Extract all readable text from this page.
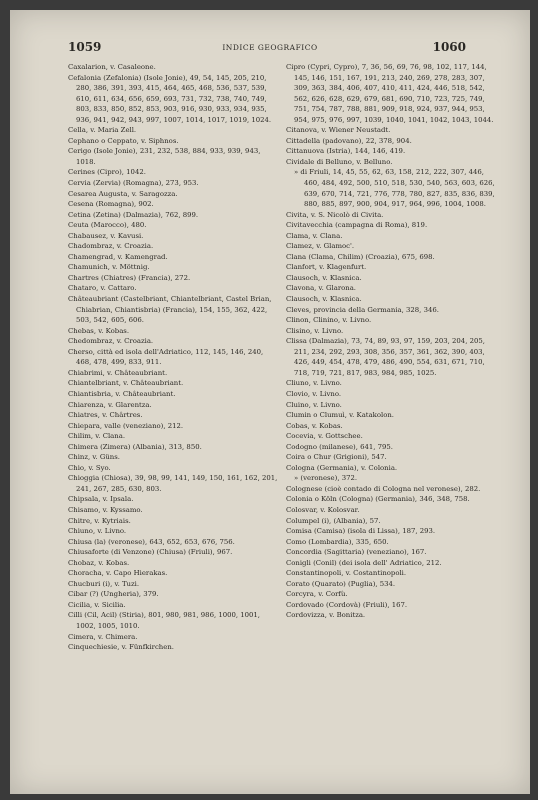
1059	INDICE GEOGRAFICO	1060
Caxalarion, v. Casaleone.
Cefalonia (Zefalonia) (Isole Jonie), 49, 54, 145, 205, 210, 280, 386, 391, 393, 415, 464, 465, 468, 536, 537, 539, 610, 611, 634, 656, 659, 693, 731, 732, 738, 740, 749, 803, 833, 850, 852, 853, 903, 916, 930, 933, 934, 935, 936, 941, 942, 943, 997, 1007, 1014, 1017, 1019, 1024.
Cella, v. Maria Zell.
Cephano o Ceppato, v. Siphnos.
Cerigo (Isole Jonie), 231, 232, 538, 884, 933, 939, 943, 1018.
Cerines (Cipro), 1042.
Cervia (Zervia) (Romagna), 273, 953.
Cesarea Augusta, v. Saragozza.
Cesena (Romagna), 902.
Cetina (Zetina) (Dalmazia), 762, 899.
Ceuta (Marocco), 480.
Chabausez, v. Kavusi.
Chadombraz, v. Croazia.
Chamengrad, v. Kamengrad.
Chamunich, v. Möttnig.
Chartres (Chiatres) (Francia), 272.
Chataro, v. Cattaro.
Châteaubriant (Castelbriant, Chiantelbriant, Castel Brian, Chiabrian, Chiantisbria) (Francia), 154, 155, 362, 422, 503, 542, 605, 606.
Chebas, v. Kobas.
Chedombraz, v. Croazia.
Cherso, città ed isola dell'Adriatico, 112, 145, 146, 240, 468, 478, 499, 833, 911.
Chiabrimi, v. Châteaubriant.
Chiantelbriant, v. Châteaubriant.
Chiantisbria, v. Châteaubriant.
Chiarenza, v. Glarentza.
Chiatres, v. Chârtres.
Chiepara, valle (veneziano), 212.
Chilim, v. Clana.
Chimera (Zimera) (Albania), 313, 850.
Chinz, v. Güns.
Chio, v. Syo.
Chioggia (Chiosa), 39, 98, 99, 141, 149, 150, 161, 162, 201, 241, 267, 285, 630, 803.
Chipsala, v. Ipsala.
Chisamo, v. Kyssamo.
Chitre, v. Kytriais.
Chiuno, v. Livno.
Chiusa (la) (veronese), 643, 652, 653, 676, 756.
Chiusaforte (di Venzone) (Chiusa) (Friuli), 967.
Chobaz, v. Kobas.
Choracha, v. Capo Hierakas.
Chucburi (i), v. Tuzi.
Cibar (?) (Ungheria), 379.
Cicilia, v. Sicilia.
Cilli (Cil, Acil) (Stiria), 801, 980, 981, 986, 1000, 1001, 1002, 1005, 1010.
Cimera, v. Chimera.
Cinquechiesie, v. Fünfkirchen.
Cipro (Cypri, Cypro), 7, 36, 56, 69, 76, 98, 102, 117, 144, 145, 146, 151, 167, 191, 213, 240, 269, 278, 283, 307, 309, 363, 384, 406, 407, 410, 411, 424, 446, 518, 542, 562, 626, 628, 629, 679, 681, 690, 710, 723, 725, 749, 751, 754, 787, 788, 881, 909, 918, 924, 937, 944, 953, 954, 975, 976, 997, 1039, 1040, 1041, 1042, 1043, 1044.
Citanova, v. Wiener Neustadt.
Cittadella (padovano), 22, 378, 904.
Cittanuova (Istria), 144, 146, 419.
Cividale di Belluno, v. Belluno.
» di Friuli, 14, 45, 55, 62, 63, 158, 212, 222, 307, 446, 460, 484, 492, 500, 510, 518, 530, 540, 563, 603, 626, 639, 670, 714, 721, 776, 778, 780, 827, 835, 836, 839, 880, 885, 897, 900, 904, 917, 964, 996, 1004, 1008.
Civita, v. S. Nicolò di Civita.
Civitavecchia (campagna di Roma), 819.
Clama, v. Clana.
Clamez, v. Glamoc'.
Clana (Clama, Chilim) (Croazia), 675, 698.
Clanfort, v. Klagenfurt.
Clausoch, v. Klasnica.
Clavona, v. Glarona.
Clausoch, v. Klasnica.
Cleves, provincia della Germania, 328, 346.
Clinon, Clinino, v. Livno.
Clisino, v. Livno.
Clissa (Dalmazia), 73, 74, 89, 93, 97, 159, 203, 204, 205, 211, 234, 292, 293, 308, 356, 357, 361, 362, 390, 403, 426, 449, 454, 478, 479, 486, 490, 554, 631, 671, 710, 718, 719, 721, 817, 983, 984, 985, 1025.
Cliuno, v. Livno.
Clovio, v. Livno.
Cluino, v. Livno.
Clumin o Clumuì, v. Katakolon.
Cobas, v. Kobas.
Cocevia, v. Gottschee.
Codogno (milanese), 641, 795.
Coira o Chur (Grigioni), 547.
Cologna (Germania), v. Colonia.
» (veronese), 372.
Colognese (cioè contado di Cologna nel veronese), 282.
Colonia o Köln (Cologna) (Germania), 346, 348, 758.
Colosvar, v. Kolosvar.
Columpel (i), (Albania), 57.
Comisa (Camisa) (isola di Lissa), 187, 293.
Como (Lombardia), 335, 650.
Concordia (Sagittaria) (veneziano), 167.
Conigli (Conil) (dei isola dell' Adriatico, 212.
Constantinopoli, v. Costantinopoli.
Corato (Quarato) (Puglia), 534.
Corcyra, v. Corfù.
Cordovado (Cordovà) (Friuli), 167.
Cordovizza, v. Bonitza.
